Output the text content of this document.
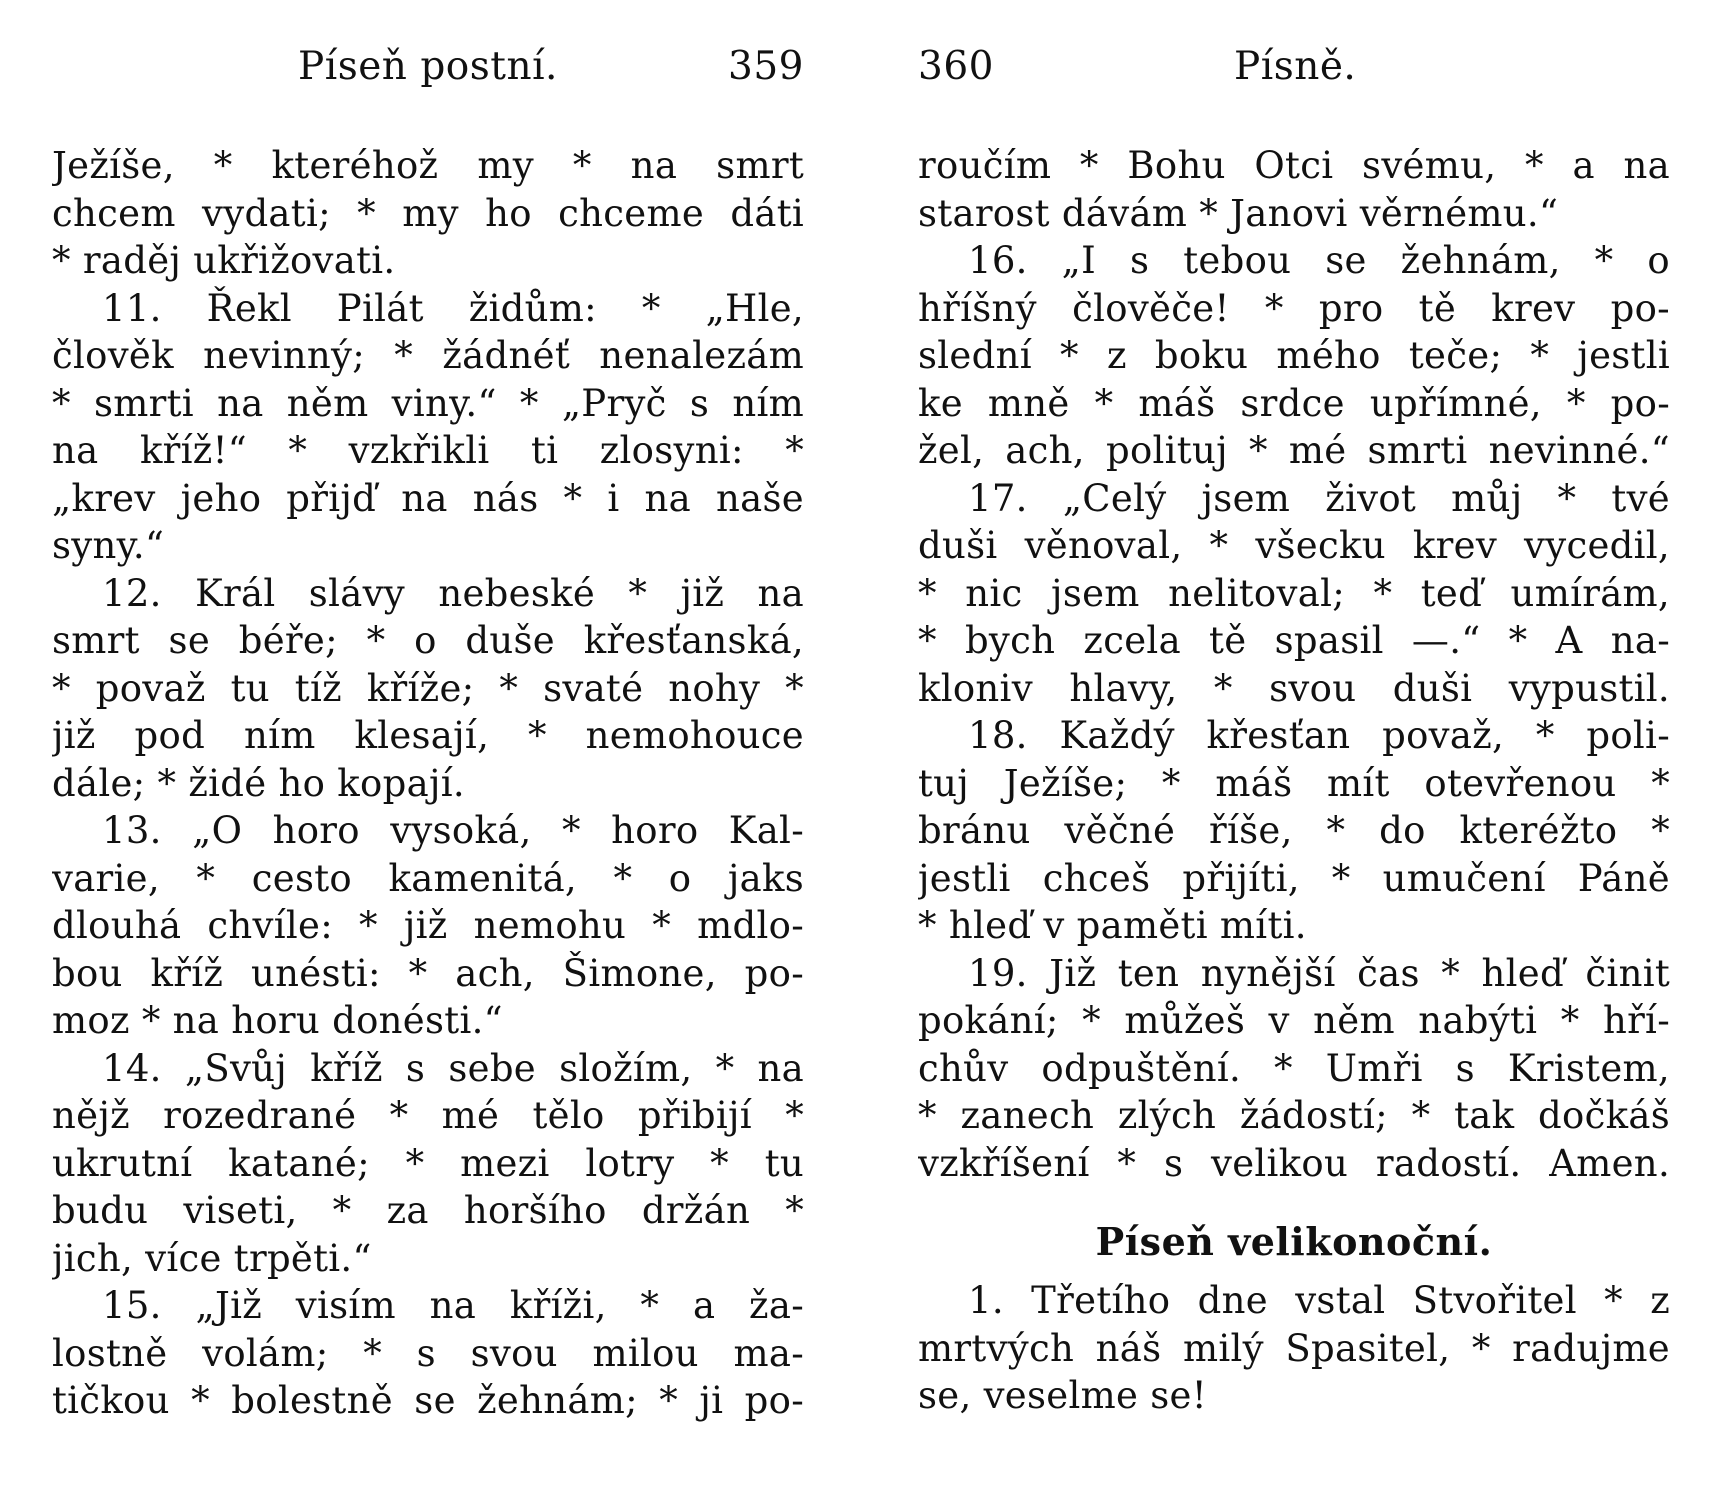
Píseň postní.	359
Ježíše, * kteréhož my * na smrt
chcem vydati; * my ho chceme dáti
* raděj ukřižovati.
11. Řekl Pilát židům: * „Hle,
člověk nevinný; * žádnéť nenalezám
* smrti na něm viny.“ * „Pryč s ním
na kříž!“ * vzkřikli ti zlosyni: *
„krev jeho přijď na nás * i na naše
syny.“
12. Král slávy nebeské * již na
smrt se béře; * o duše křesťanská,
* považ tu tíž kříže; * svaté nohy *
již pod ním klesají, * nemohouce
dále; * židé ho kopají.
13. „O horo vysoká, * horo Kal-
varie, * cesto kamenitá, * o jaks
dlouhá chvíle: * již nemohu * mdlo-
bou kříž unésti: * ach, Šimone, po-
moz * na horu donésti.“
14. „Svůj kříž s sebe složím, * na
nějž rozedrané * mé tělo přibijí *
ukrutní katané; * mezi lotry * tu
budu viseti, * za horšího držán *
jich, více trpěti.“
15. „Již visím na kříži, * a ža-
lostně volám; * s svou milou ma-
tičkou * bolestně se žehnám; * ji po-
360	Písně.
roučím * Bohu Otci svému, * a na
starost dávám * Janovi věrnému.“
16. „I s tebou se žehnám, * o
hříšný člověče! * pro tě krev po-
slední * z boku mého teče; * jestli
ke mně * máš srdce upřímné, * po-
žel, ach, polituj * mé smrti nevinné.“
17. „Celý jsem život můj * tvé
duši věnoval, * všecku krev vycedil,
* nic jsem nelitoval; * teď umírám,
* bych zcela tě spasil —.“ * A na-
kloniv hlavy, * svou duši vypustil.
18. Každý křesťan považ, * poli-
tuj Ježíše; * máš mít otevřenou *
bránu věčné říše, * do kteréžto *
jestli chceš přijíti, * umučení Páně
* hleď v paměti míti.
19. Již ten nynější čas * hleď činit
pokání; * můžeš v něm nabýti * hří-
chův odpuštění. * Umři s Kristem,
* zanech zlých žádostí; * tak dočkáš
vzkříšení * s velikou radostí. Amen.
Píseň velikonoční.
1. Třetího dne vstal Stvořitel * z
mrtvých náš milý Spasitel, * radujme
se, veselme se!
